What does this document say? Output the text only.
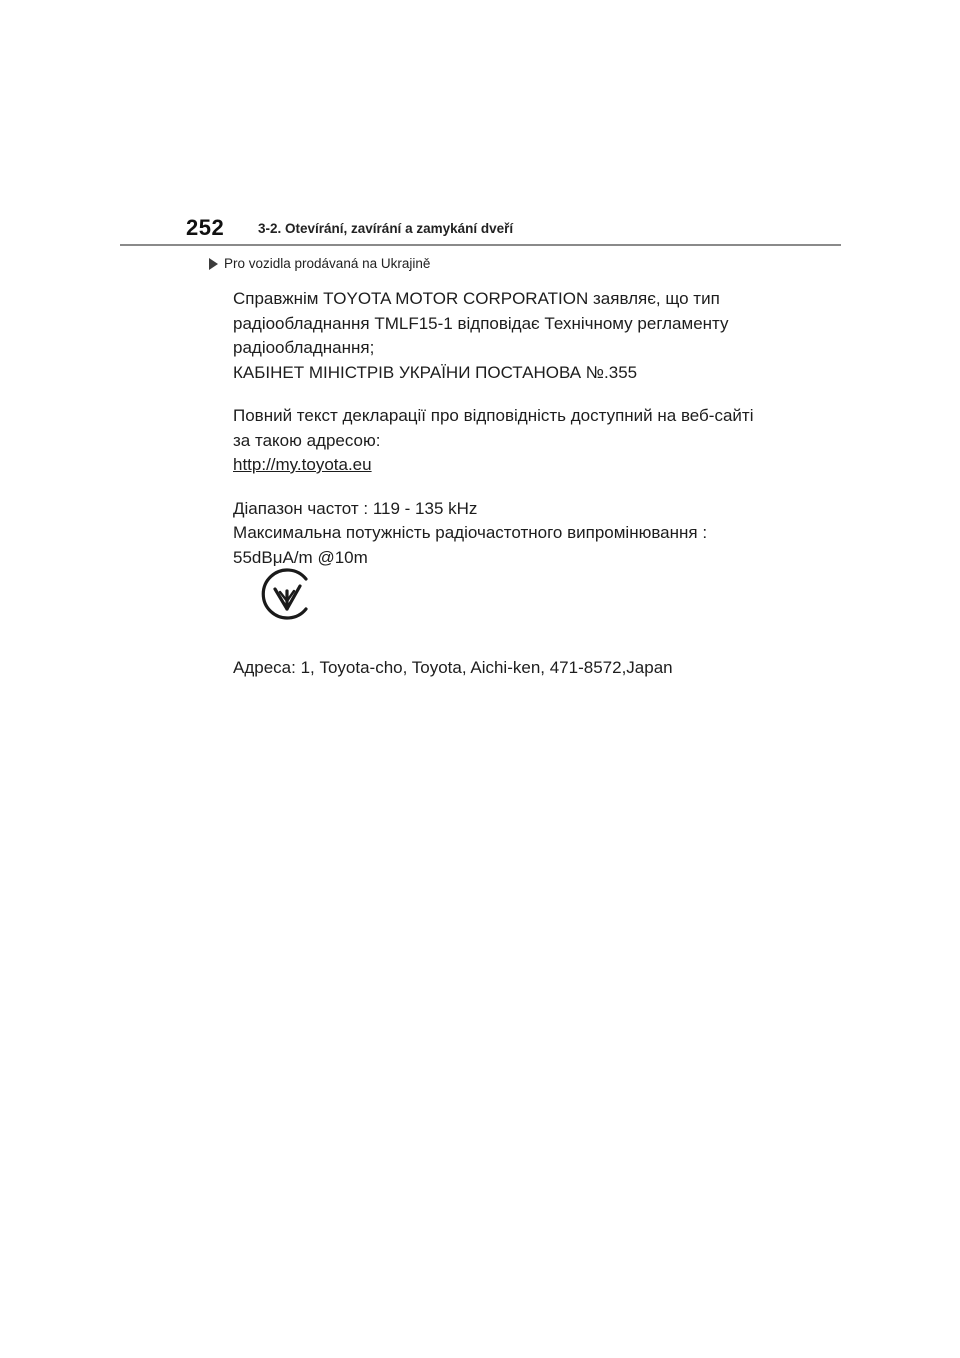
252	3-2. Otevírání, zavírání a zamykání dveří
Pro vozidla prodávaná na Ukrajině

Справжнім TOYOTA MOTOR CORPORATION заявляє, що тип

радіообладнання TMLF15-1 відповідає Технічному регламенту

радіообладнання;

КАБІНЕТ МІНІСТРІВ УКРАЇНИ ПОСТАНОВА №.355

Повний текст декларації про відповідність доступний на веб-сайті

за такою адресою:

http://my.toyota.eu

Діапазон частот : 119 - 135 kHz

Максимальна потужність радіочастотного випромінювання :

55dBμA/m @10m

Адреса: 1, Toyota-cho, Toyota, Aichi-ken, 471-8572,Japan
